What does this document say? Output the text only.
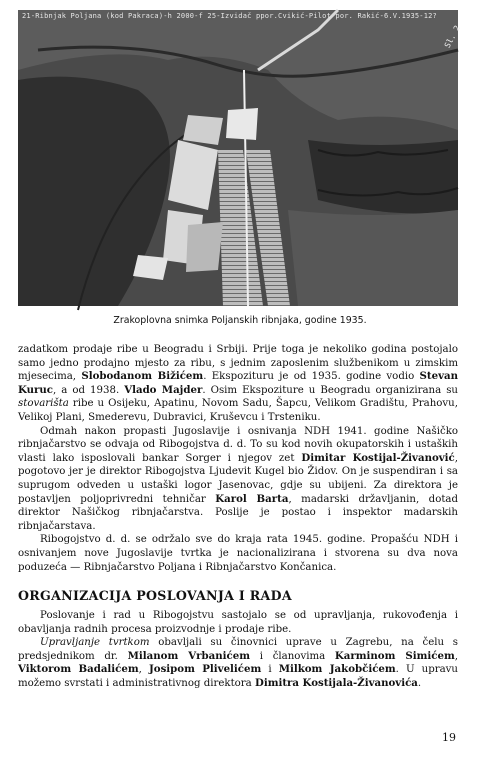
21-Ribnjak Poljana (kod Pakraca)-h 2000-f 25-Izvidač ppor.Cvikić-Pilot por. Rakić-6.V.1935-12?
Sl. 2
Zrakoplovna snimka Poljanskih ribnjaka, godine 1935.

zadatkom prodaje ribe u Beogradu i Srbiji. Prije toga je nekoliko godina postojalo samo jedno prodajno mjesto za ribu, s jednim zaposlenim službenikom u zimskim mjesecima, Slobodanom Bižićem. Ekspozituru je od 1935. godine vodio Stevan Kuruc, a od 1938. Vlado Majder. Osim Ekspoziture u Beogradu organizirana su stovarišta ribe u Osijeku, Apatinu, Novom Sadu, Šapcu, Velikom Gradištu, Prahovu, Velikoj Plani, Smederevu, Dubravici, Kruševcu i Trsteniku.

Odmah nakon propasti Jugoslavije i osnivanja NDH 1941. godine Našičko ribnjačarstvo se odvaja od Ribogojstva d. d. To su kod novih okupatorskih i ustaških vlasti lako isposlovali bankar Sorger i njegov zet Dimitar Kostijal-Živanović, pogotovo jer je direktor Ribogojstva Ljudevit Kugel bio Židov. On je suspendiran i sa suprugom odveden u ustaški logor Jasenovac, gdje su ubijeni. Za direktora je postavljen poljoprivredni tehničar Karol Barta, madarski državljanin, dotad direktor Našičkog ribnjačarstva. Poslije je postao i inspektor madarskih ribnjačarstava.

Ribogojstvo d. d. se održalo sve do kraja rata 1945. godine. Propašću NDH i osnivanjem nove Jugoslavije tvrtka je nacionalizirana i stvorena su dva nova poduzeća — Ribnjačarstvo Poljana i Ribnjačarstvo Končanica.

ORGANIZACIJA POSLOVANJA I RADA

Poslovanje i rad u Ribogojstvu sastojalo se od upravljanja, rukovođenja i obavljanja radnih procesa proizvodnje i prodaje ribe.

Upravljanje tvrtkom obavljali su činovnici uprave u Zagrebu, na čelu s predsjednikom dr. Milanom Vrbanićem i članovima Karminom Simićem, Viktorom Badalićem, Josipom Plivelićem i Milkom Jakobčićem. U upravu možemo svrstati i administrativnog direktora Dimitra Kostijala-Živanovića.

19
